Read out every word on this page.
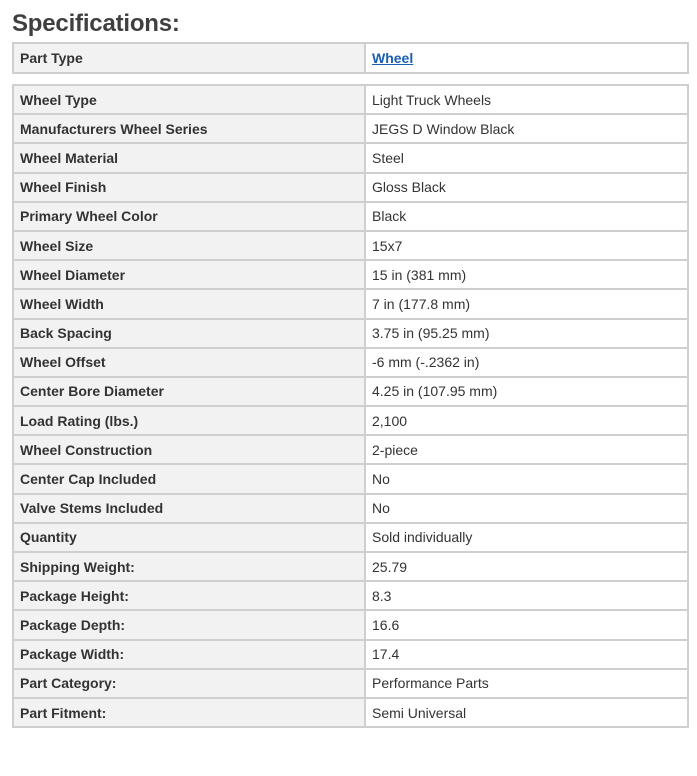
Specifications:
Part Type	Wheel
Wheel Type	Light Truck Wheels
Manufacturers Wheel Series	JEGS D Window Black
Wheel Material	Steel
Wheel Finish	Gloss Black
Primary Wheel Color	Black
Wheel Size	15x7
Wheel Diameter	15 in (381 mm)
Wheel Width	7 in (177.8 mm)
Back Spacing	3.75 in (95.25 mm)
Wheel Offset	-6 mm (-.2362 in)
Center Bore Diameter	4.25 in (107.95 mm)
Load Rating (lbs.)	2,100
Wheel Construction	2-piece
Center Cap Included	No
Valve Stems Included	No
Quantity	Sold individually
Shipping Weight:	25.79
Package Height:	8.3
Package Depth:	16.6
Package Width:	17.4
Part Category:	Performance Parts
Part Fitment:	Semi Universal
